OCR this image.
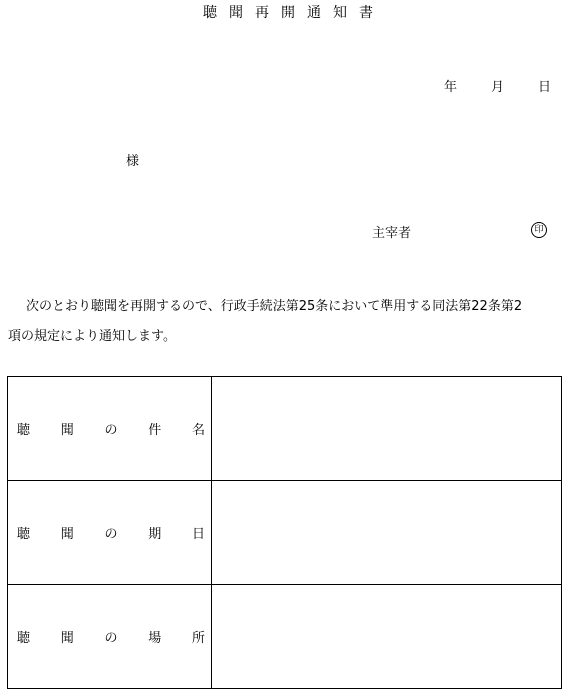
聴聞再開通知書
年	月	日
様
主宰者	印

次のとおり聴聞を再開するので、行政手続法第25条において準用する同法第22条第2

項の規定により通知します。

聴 聞 の 件 名	

聴 聞 の 期 日	

聴 聞 の 場 所	
